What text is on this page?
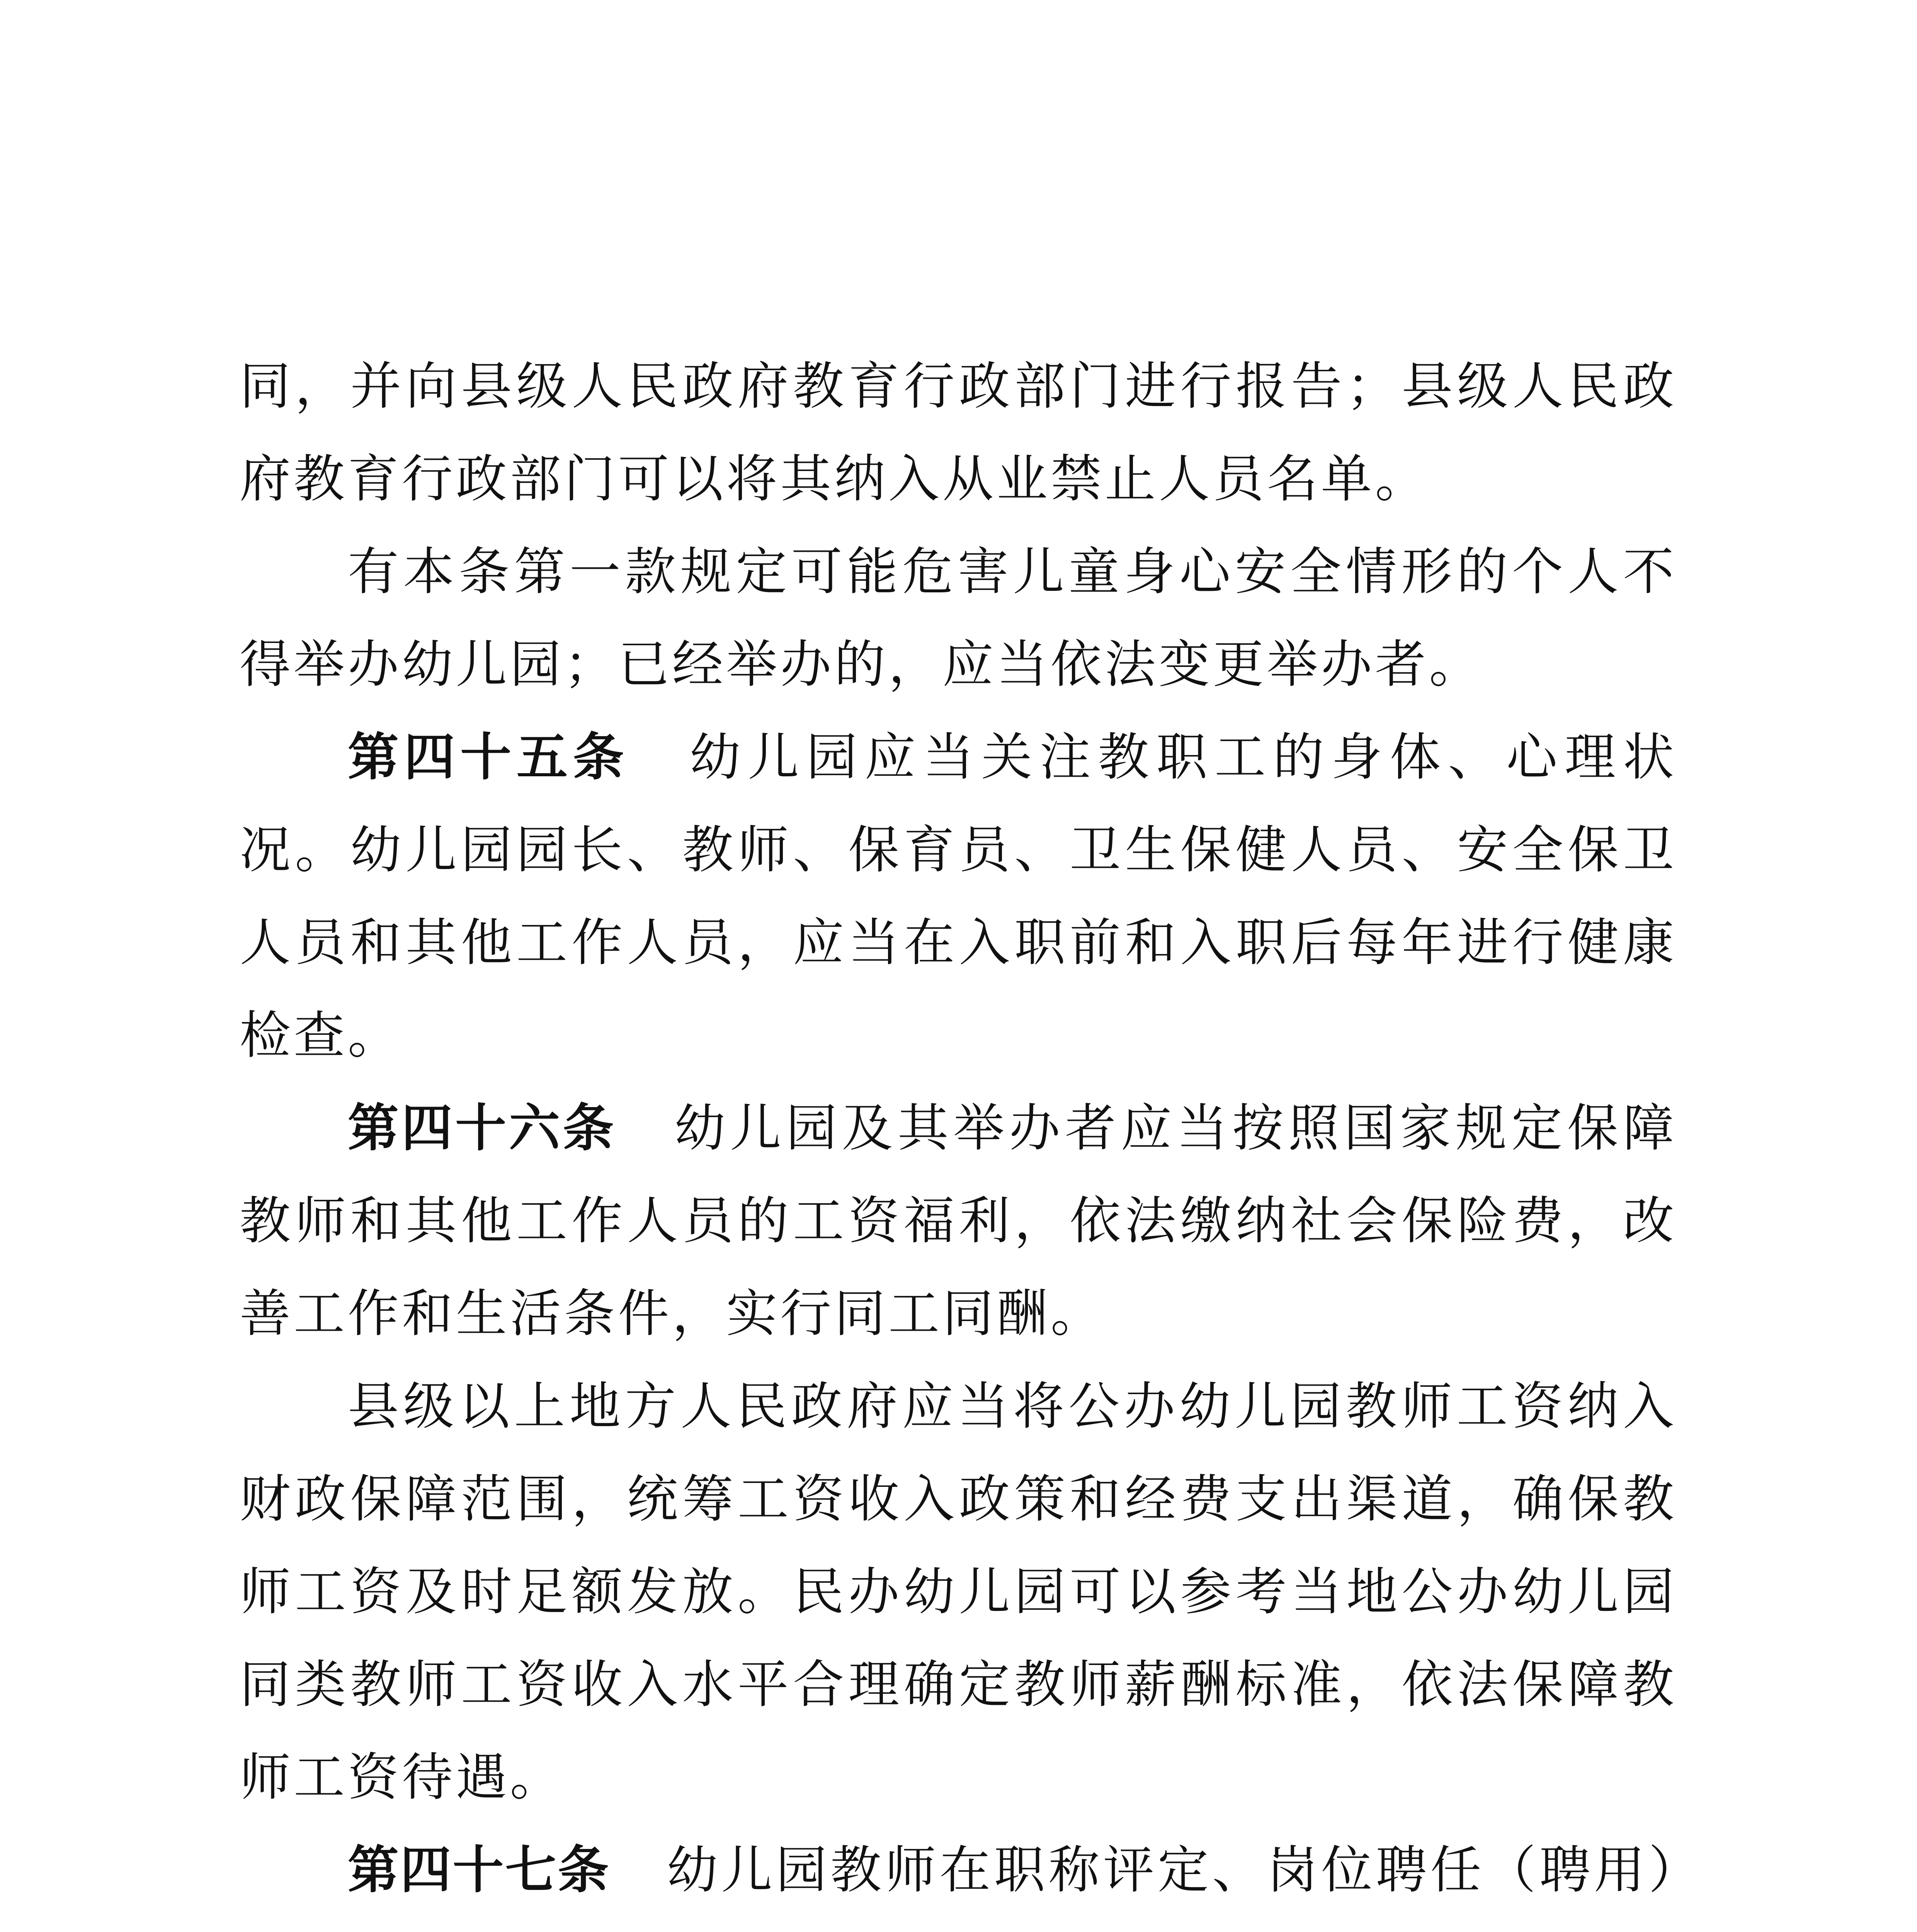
同，并向县级人民政府教育行政部门进行报告；县级人民政府教育行政部门可以将其纳入从业禁止人员名单。

有本条第一款规定可能危害儿童身心安全情形的个人不得举办幼儿园；已经举办的，应当依法变更举办者。

第四十五条 幼儿园应当关注教职工的身体、心理状况。幼儿园园长、教师、保育员、卫生保健人员、安全保卫人员和其他工作人员，应当在入职前和入职后每年进行健康检查。

第四十六条 幼儿园及其举办者应当按照国家规定保障教师和其他工作人员的工资福利，依法缴纳社会保险费，改善工作和生活条件，实行同工同酬。

县级以上地方人民政府应当将公办幼儿园教师工资纳入财政保障范围，统筹工资收入政策和经费支出渠道，确保教师工资及时足额发放。民办幼儿园可以参考当地公办幼儿园同类教师工资收入水平合理确定教师薪酬标准，依法保障教师工资待遇。

第四十七条 幼儿园教师在职称评定、岗位聘任（聘用）
